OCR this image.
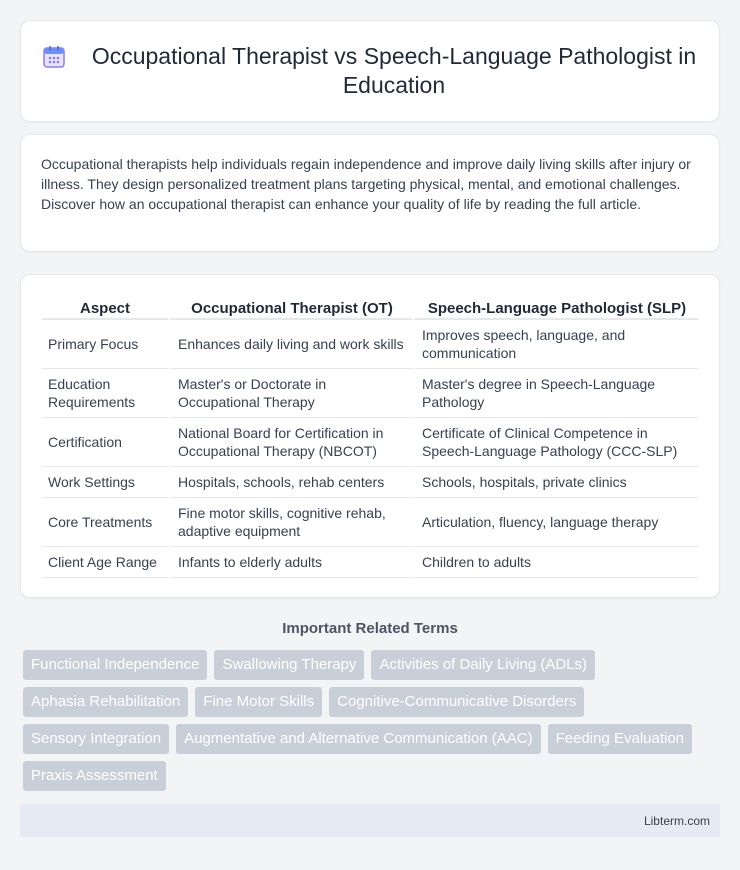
Occupational Therapist vs Speech-Language Pathologist in Education

Occupational therapists help individuals regain independence and improve daily living skills after injury or illness. They design personalized treatment plans targeting physical, mental, and emotional challenges. Discover how an occupational therapist can enhance your quality of life by reading the full article.

Aspect	Occupational Therapist (OT)	Speech-Language Pathologist (SLP)
Primary Focus	Enhances daily living and work skills	Improves speech, language, and communication
Education Requirements	Master's or Doctorate in Occupational Therapy	Master's degree in Speech-Language Pathology
Certification	National Board for Certification in Occupational Therapy (NBCOT)	Certificate of Clinical Competence in Speech-Language Pathology (CCC-SLP)
Work Settings	Hospitals, schools, rehab centers	Schools, hospitals, private clinics
Core Treatments	Fine motor skills, cognitive rehab, adaptive equipment	Articulation, fluency, language therapy
Client Age Range	Infants to elderly adults	Children to adults
Important Related Terms
Functional Independence	Swallowing Therapy	Activities of Daily Living (ADLs)
Aphasia Rehabilitation	Fine Motor Skills	Cognitive-Communicative Disorders
Sensory Integration	Augmentative and Alternative Communication (AAC)	Feeding Evaluation
Praxis Assessment
Libterm.com
